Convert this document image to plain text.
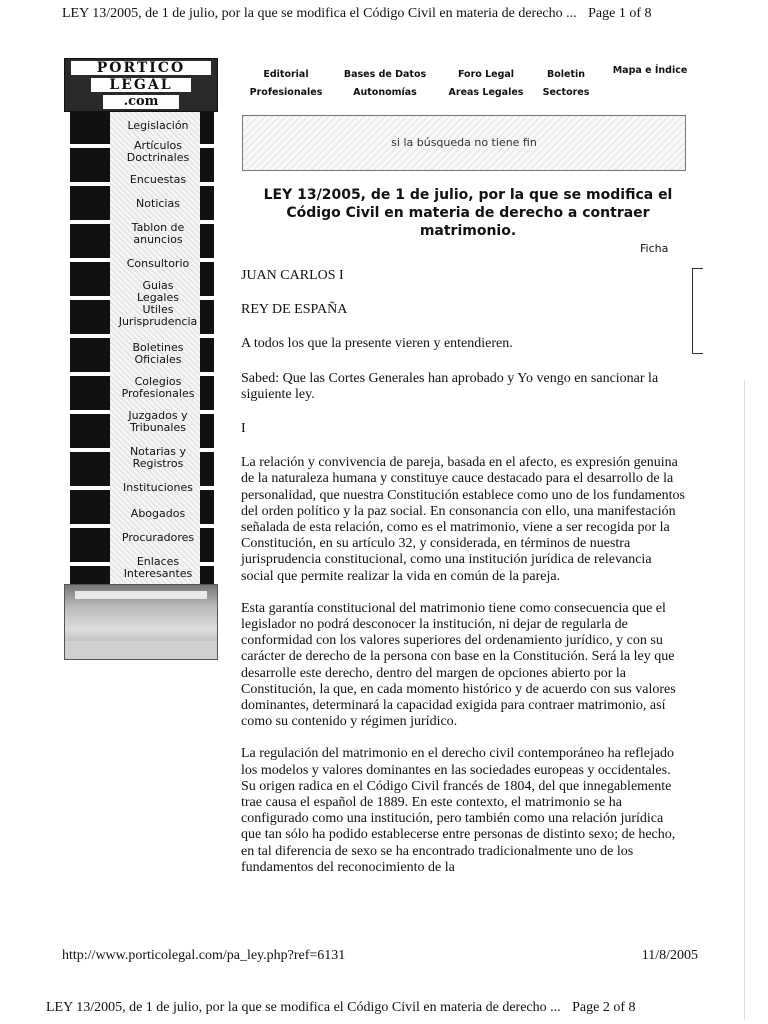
LEY 13/2005, de 1 de julio, por la que se modifica el Código Civil en materia de derecho ... Page 1 of 8
PORTICO
LEGAL
.com
Legislación
Artículos Doctrinales
Encuestas
Noticias
Tablon de anuncios
Consultorio
Guias Legales Utiles
Jurisprudencia
Boletines Oficiales
Colegios Profesionales
Juzgados y Tribunales
Notarias y Registros
Instituciones
Abogados
Procuradores
Enlaces Interesantes
Editorial
Profesionales
Bases de Datos
Autonomías
Foro Legal
Areas Legales
Boletin
Sectores
Mapa e Índice
si la búsqueda no tiene fin
LEY 13/2005, de 1 de julio, por la que se modifica el Código Civil en materia de derecho a contraer matrimonio.
Ficha

JUAN CARLOS I

REY DE ESPAÑA

A todos los que la presente vieren y entendieren.

Sabed: Que las Cortes Generales han aprobado y Yo vengo en sancionar la siguiente ley.

I

La relación y convivencia de pareja, basada en el afecto, es expresión genuina de la naturaleza humana y constituye cauce destacado para el desarrollo de la personalidad, que nuestra Constitución establece como uno de los fundamentos del orden político y la paz social. En consonancia con ello, una manifestación señalada de esta relación, como es el matrimonio, viene a ser recogida por la Constitución, en su artículo 32, y considerada, en términos de nuestra jurisprudencia constitucional, como una institución jurídica de relevancia social que permite realizar la vida en común de la pareja.

Esta garantía constitucional del matrimonio tiene como consecuencia que el legislador no podrá desconocer la institución, ni dejar de regularla de conformidad con los valores superiores del ordenamiento jurídico, y con su carácter de derecho de la persona con base en la Constitución. Será la ley que desarrolle este derecho, dentro del margen de opciones abierto por la Constitución, la que, en cada momento histórico y de acuerdo con sus valores dominantes, determinará la capacidad exigida para contraer matrimonio, así como su contenido y régimen jurídico.

La regulación del matrimonio en el derecho civil contemporáneo ha reflejado los modelos y valores dominantes en las sociedades europeas y occidentales. Su origen radica en el Código Civil francés de 1804, del que innegablemente trae causa el español de 1889. En este contexto, el matrimonio se ha configurado como una institución, pero también como una relación jurídica que tan sólo ha podido establecerse entre personas de distinto sexo; de hecho, en tal diferencia de sexo se ha encontrado tradicionalmente uno de los fundamentos del reconocimiento de la

http://www.porticolegal.com/pa_ley.php?ref=6131	11/8/2005
LEY 13/2005, de 1 de julio, por la que se modifica el Código Civil en materia de derecho ... Page 2 of 8
